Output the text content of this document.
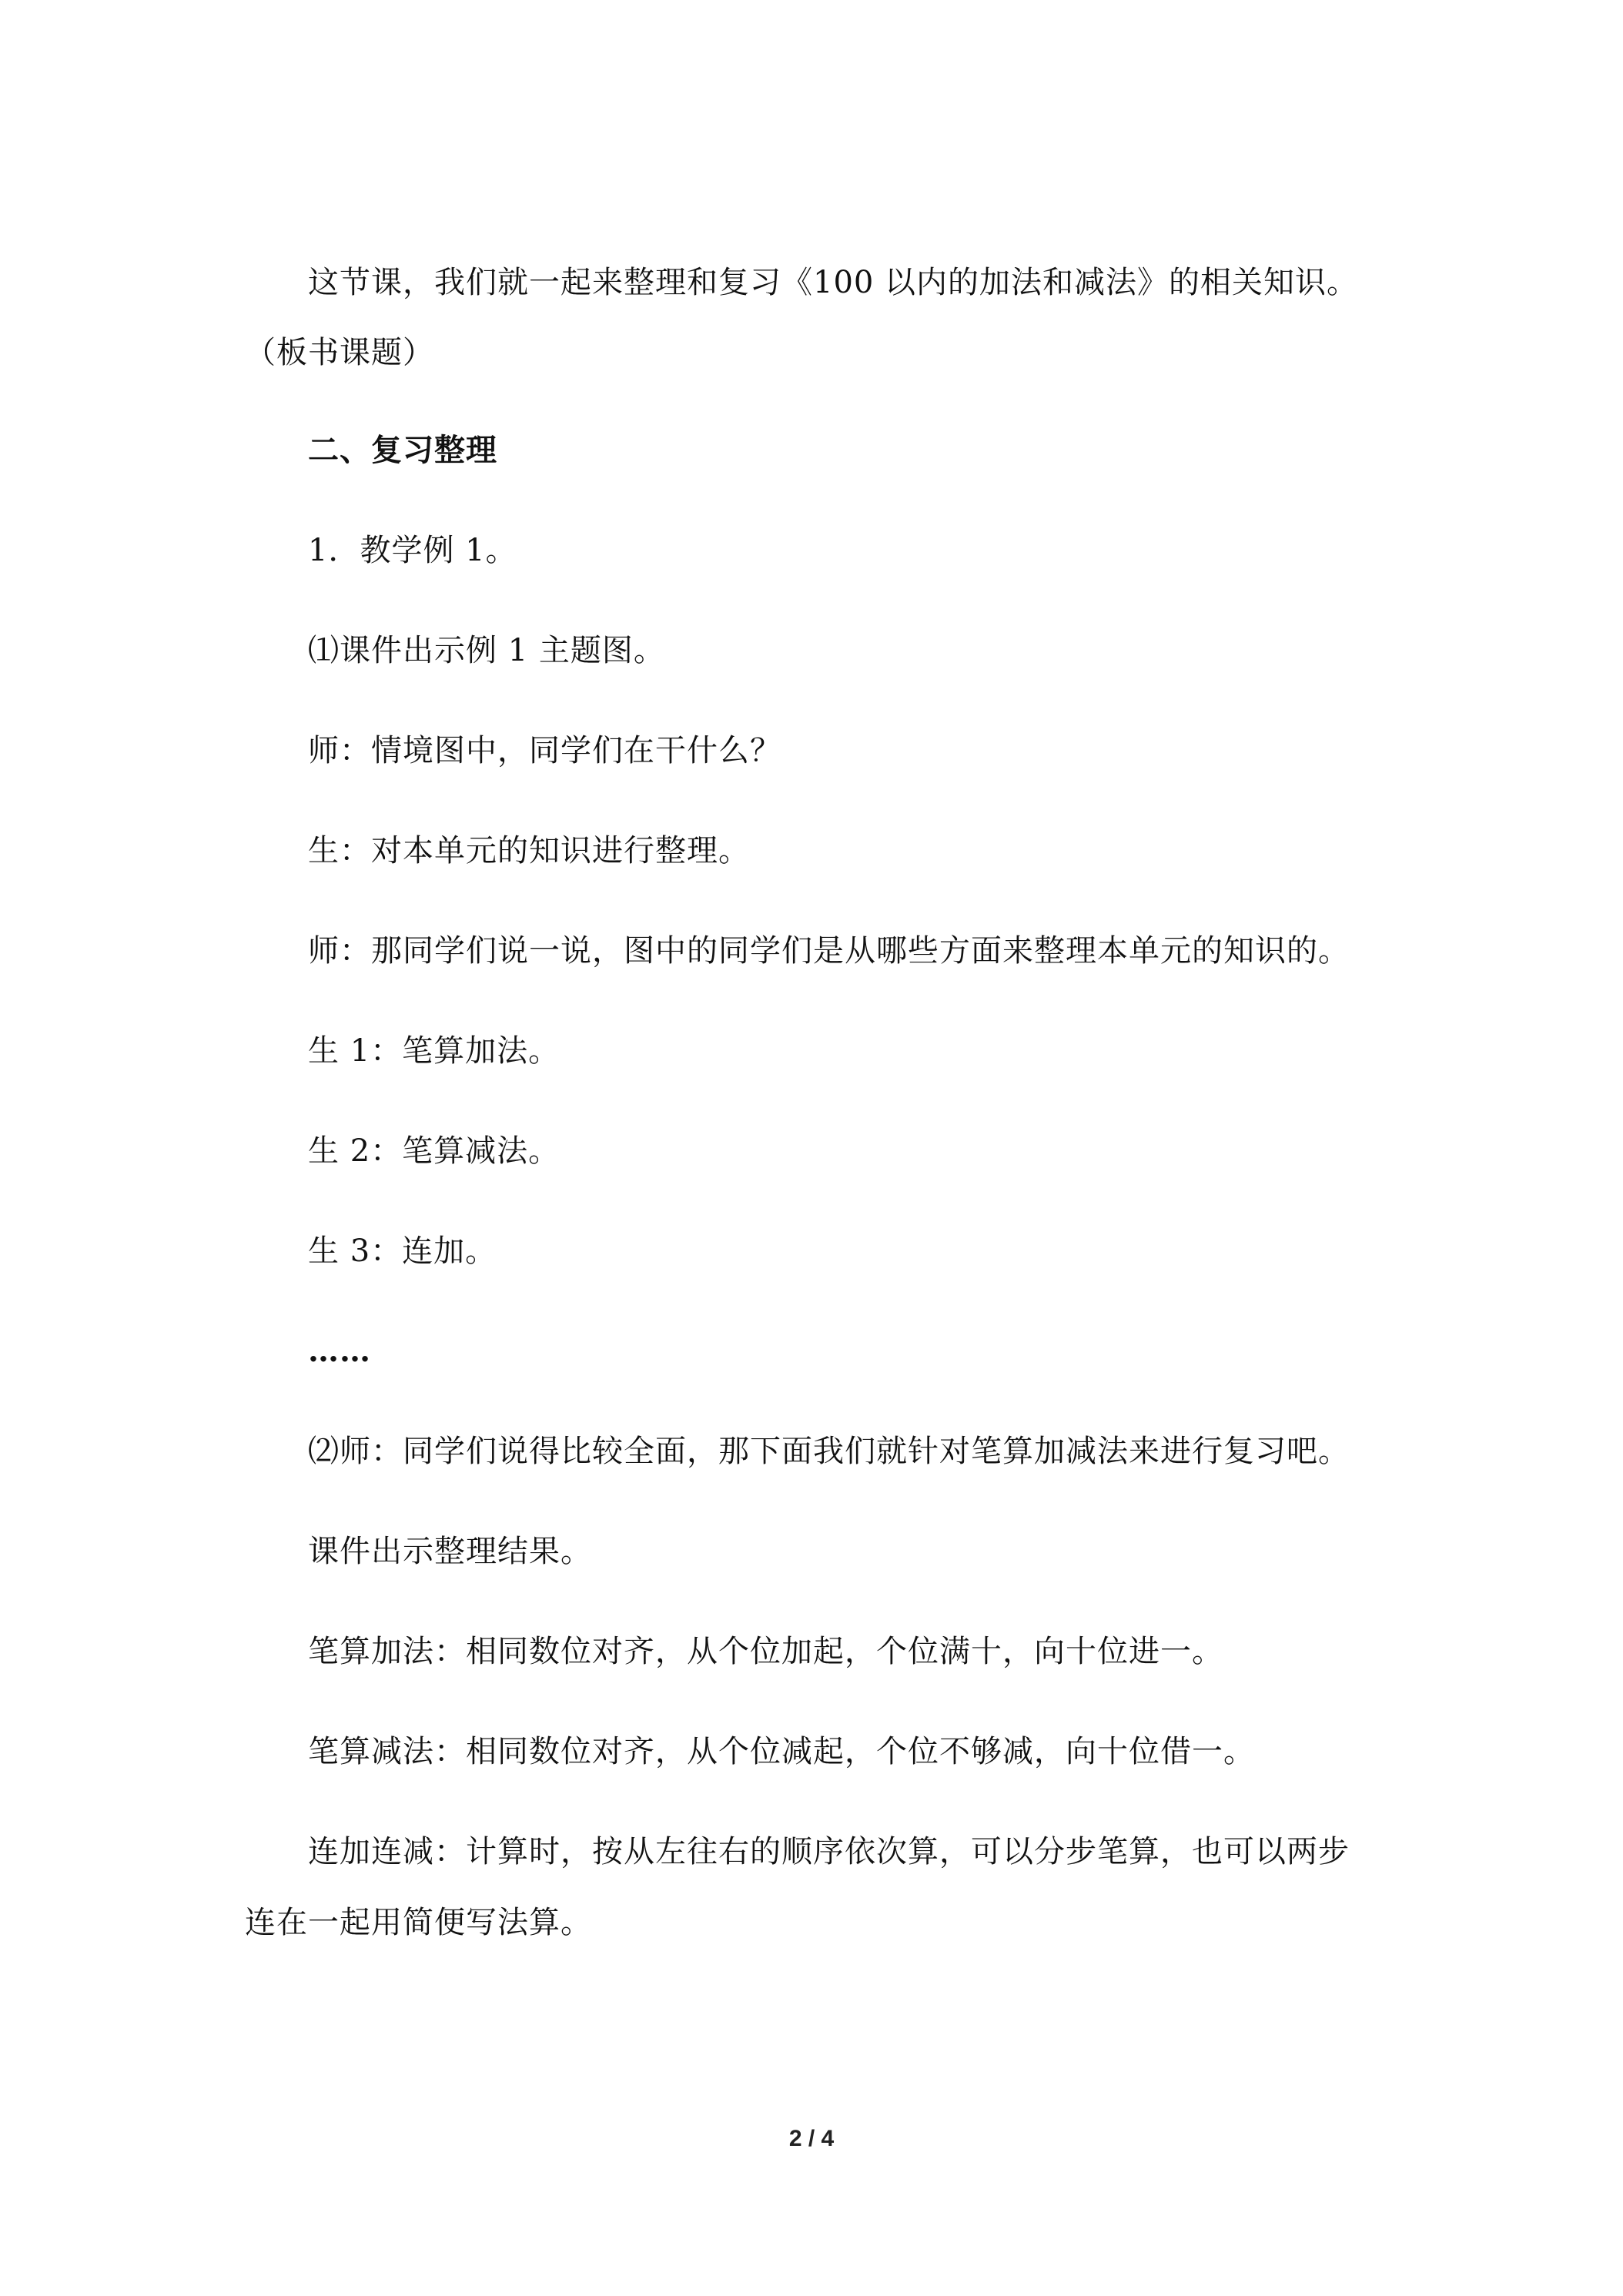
这节课，我们就一起来整理和复习《100 以内的加法和减法》的相关知识。
（板书课题）
二、复习整理
1．教学例 1。
⑴课件出示例 1 主题图。
师：情境图中，同学们在干什么？
生：对本单元的知识进行整理。
师：那同学们说一说，图中的同学们是从哪些方面来整理本单元的知识的。
生 1：笔算加法。
生 2：笔算减法。
生 3：连加。
……
⑵师：同学们说得比较全面，那下面我们就针对笔算加减法来进行复习吧。
课件出示整理结果。
笔算加法：相同数位对齐，从个位加起，个位满十，向十位进一。
笔算减法：相同数位对齐，从个位减起，个位不够减，向十位借一。
连加连减：计算时，按从左往右的顺序依次算，可以分步笔算，也可以两步
连在一起用简便写法算。
2 / 4
